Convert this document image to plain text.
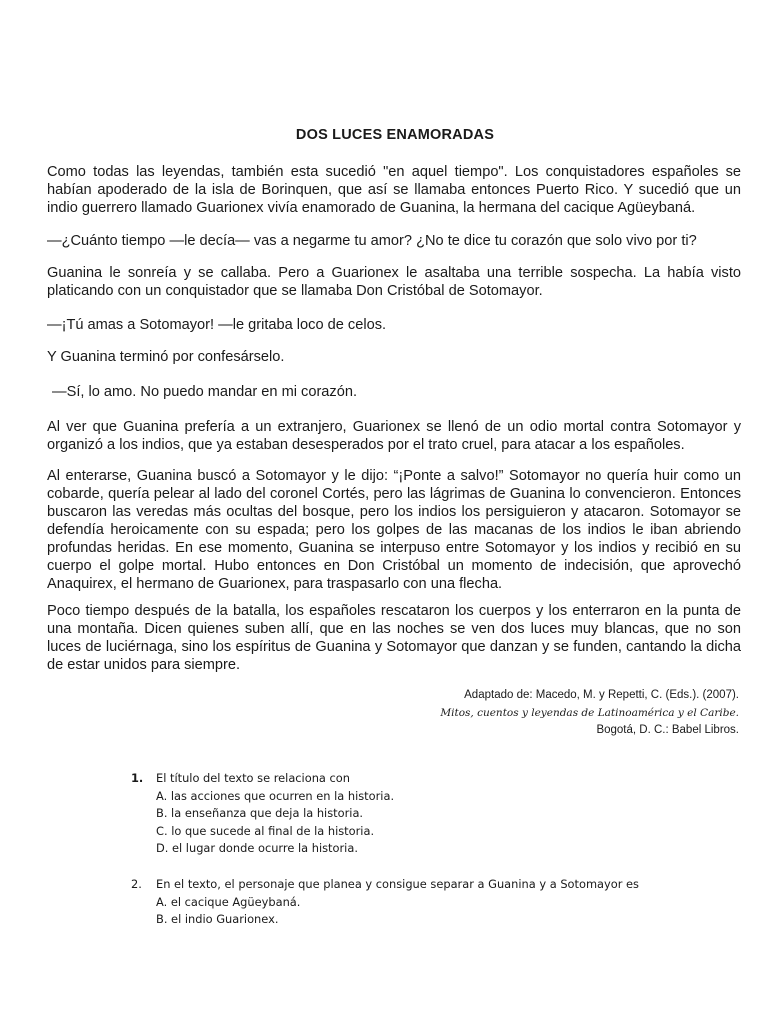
DOS LUCES ENAMORADAS

Como todas las leyendas, también esta sucedió "en aquel tiempo". Los conquistadores españoles se habían apoderado de la isla de Borinquen, que así se llamaba entonces Puerto Rico. Y sucedió que un indio guerrero llamado Guarionex vivía enamorado de Guanina, la hermana del cacique Agüeybaná.

—¿Cuánto tiempo —le decía— vas a negarme tu amor? ¿No te dice tu corazón que solo vivo por ti?

Guanina le sonreía y se callaba. Pero a Guarionex le asaltaba una terrible sospecha. La había visto platicando con un conquistador que se llamaba Don Cristóbal de Sotomayor.

—¡Tú amas a Sotomayor! —le gritaba loco de celos.

Y Guanina terminó por confesárselo.

—Sí, lo amo. No puedo mandar en mi corazón.

Al ver que Guanina prefería a un extranjero, Guarionex se llenó de un odio mortal contra Sotomayor y organizó a los indios, que ya estaban desesperados por el trato cruel, para atacar a los españoles.

Al enterarse, Guanina buscó a Sotomayor y le dijo: “¡Ponte a salvo!” Sotomayor no quería huir como un cobarde, quería pelear al lado del coronel Cortés, pero las lágrimas de Guanina lo convencieron. Entonces buscaron las veredas más ocultas del bosque, pero los indios los persiguieron y atacaron. Sotomayor se defendía heroicamente con su espada; pero los golpes de las macanas de los indios le iban abriendo profundas heridas. En ese momento, Guanina se interpuso entre Sotomayor y los indios y recibió en su cuerpo el golpe mortal. Hubo entonces en Don Cristóbal un momento de indecisión, que aprovechó Anaquirex, el hermano de Guarionex, para traspasarlo con una flecha.

Poco tiempo después de la batalla, los españoles rescataron los cuerpos y los enterraron en la punta de una montaña. Dicen quienes suben allí, que en las noches se ven dos luces muy blancas, que no son luces de luciérnaga, sino los espíritus de Guanina y Sotomayor que danzan y se funden, cantando la dicha de estar unidos para siempre.

Adaptado de: Macedo, M. y Repetti, C. (Eds.). (2007).
Mitos, cuentos y leyendas de Latinoamérica y el Caribe.
Bogotá, D. C.: Babel Libros.
1.	El título del texto se relaciona con
A. las acciones que ocurren en la historia.
B. la enseñanza que deja la historia.
C. lo que sucede al final de la historia.
D. el lugar donde ocurre la historia.
2.	En el texto, el personaje que planea y consigue separar a Guanina y a Sotomayor es
A. el cacique Agüeybaná.
B. el indio Guarionex.
